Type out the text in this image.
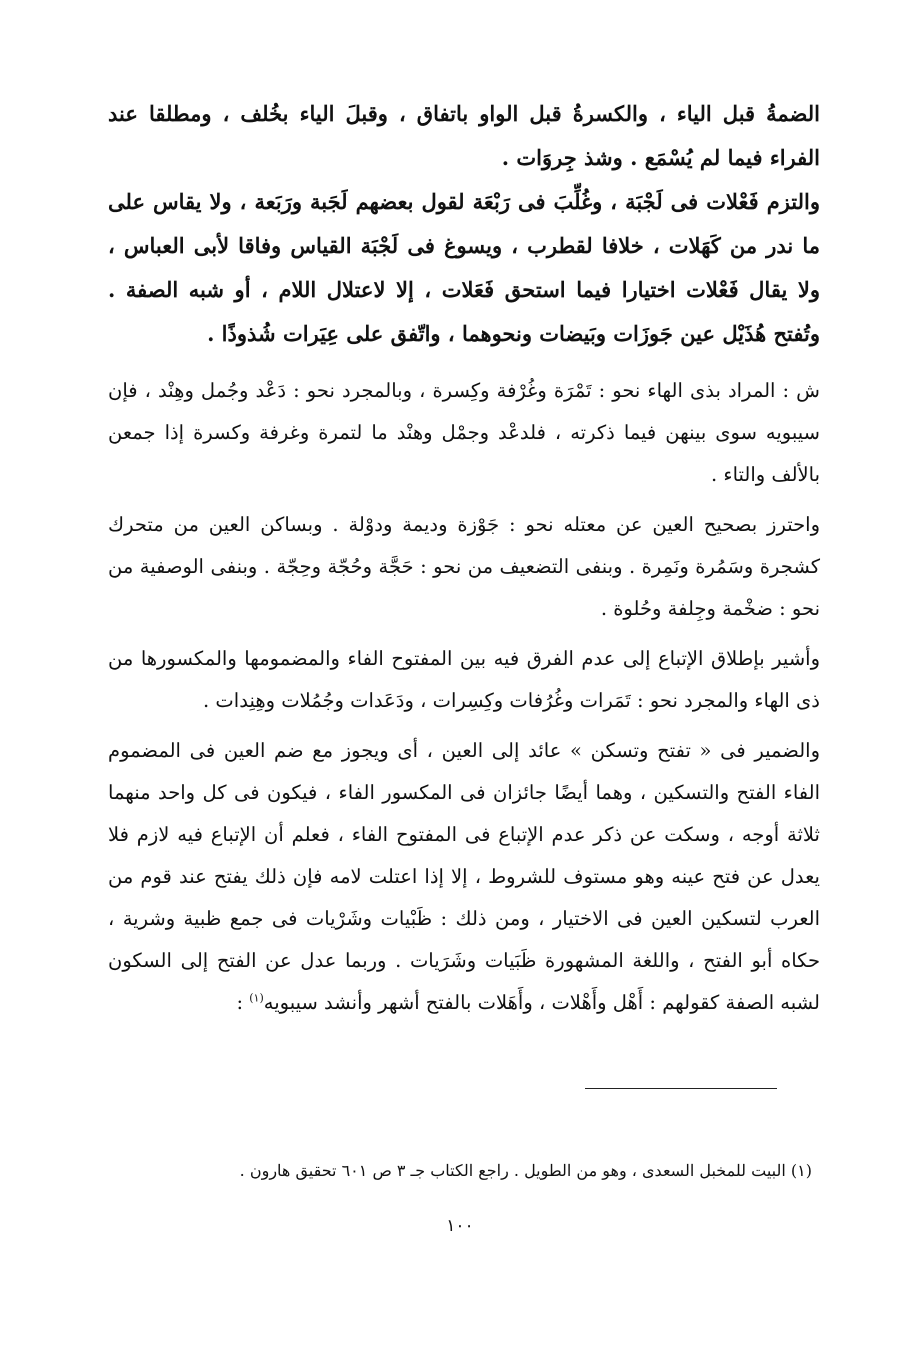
الضمةُ قبل الياء ، والكسرةُ قبل الواو باتفاق ، وقبلَ الياء بخُلف ، ومطلقا عند الفراء فيما لم يُسْمَع . وشذ جِروَات .

والتزم فَعْلات فى لَجْبَة ، وغُلِّبَ فى رَبْعَة لقول بعضهم لَجَبة ورَبَعة ، ولا يقاس على ما ندر من كَهَلات ، خلافا لقطرب ، ويسوغ فى لَجْبَة القياس وفاقا لأبى العباس ، ولا يقال فَعْلات اختيارا فيما استحق فَعَلات ، إلا لاعتلال اللام ، أو شبه الصفة . وتُفتح هُذَيْل عين جَوزَات وبَيضات ونحوهما ، واتّفق على عِيَرات شُذوذًا .

ش : المراد بذى الهاء نحو : تَمْرَة وغُرْفة وكِسرة ، وبالمجرد نحو : دَعْد وجُمل وهِنْد ، فإن سيبويه سوى بينهن فيما ذكرته ، فلدعْد وجمْل وهنْد ما لتمرة وغرفة وكسرة إذا جمعن بالألف والتاء .

واحترز بصحيح العين عن معتله نحو : جَوْزة وديمة ودوْلة . وبساكن العين من متحرك كشجرة وسَمُرة ونَمِرة . وبنفى التضعيف من نحو : حَجَّة وحُجّة وحِجّة . وبنفى الوصفية من نحو : ضخْمة وجِلفة وحُلوة .

وأشير بإطلاق الإتباع إلى عدم الفرق فيه بين المفتوح الفاء والمضمومها والمكسورها من ذى الهاء والمجرد نحو : تَمَرات وغُرُفات وكِسِرات ، ودَعَدات وجُمُلات وهِنِدات .

والضمير فى « تفتح وتسكن » عائد إلى العين ، أى ويجوز مع ضم العين فى المضموم الفاء الفتح والتسكين ، وهما أيضًا جائزان فى المكسور الفاء ، فيكون فى كل واحد منهما ثلاثة أوجه ، وسكت عن ذكر عدم الإتباع فى المفتوح الفاء ، فعلم أن الإتباع فيه لازم فلا يعدل عن فتح عينه وهو مستوف للشروط ، إلا إذا اعتلت لامه فإن ذلك يفتح عند قوم من العرب لتسكين العين فى الاختيار ، ومن ذلك : ظَبْيات وشَرْيات فى جمع ظبية وشرية ، حكاه أبو الفتح ، واللغة المشهورة ظَبَيات وشَرَيات . وربما عدل عن الفتح إلى السكون لشبه الصفة كقولهم : أَهْل وأَهْلات ، وأَهَلات بالفتح أشهر وأنشد سيبويه$^{(١)}$ :

(١) البيت للمخبل السعدى ، وهو من الطويل . راجع الكتاب جـ ٣ ص ٦٠١ تحقيق هارون .
١٠٠
